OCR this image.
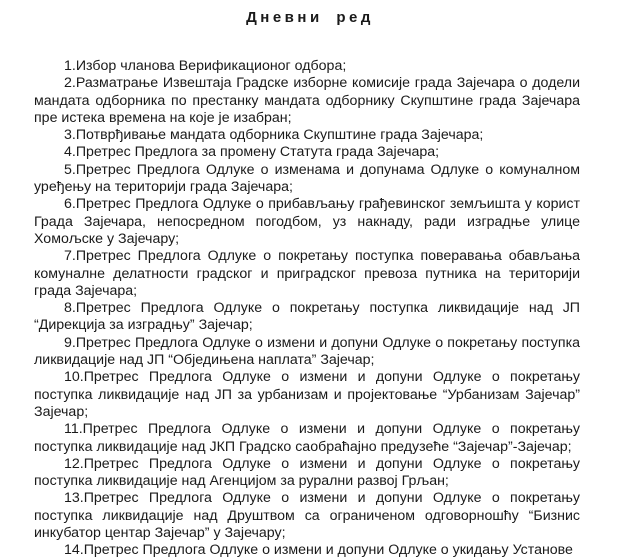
Дневни ред

1.Избор чланова Верификационог одбора;

2.Разматрање Извештаја Градске изборне комисије града Зајечара о додели мандата одборника по престанку мандата одборнику Скупштине града Зајечара пре истека времена на које је изабран;

3.Потврђивање мандата одборника Скупштине града Зајечара;

4.Претрес Предлога за промену Статута града Зајечара;

5.Претрес Предлога Одлуке о изменама и допунама Одлуке о комуналном уређењу на територији града Зајечара;

6.Претрес Предлога Одлуке о прибављању грађевинског земљишта у корист Града Зајечара, непосредном погодбом, уз накнаду, ради изградње улице Хомољске у Зајечару;

7.Претрес Предлога Одлуке о покретању поступка поверавања обављања комуналне делатности градског и приградског превоза путника на територији града Зајечара;

8.Претрес Предлога Одлуке о покретању поступка ликвидације над ЈП “Дирекција за изградњу” Зајечар;

9.Претрес Предлога Одлуке о измени и допуни Одлуке о покретању поступка ликвидације над ЈП “Обједињена наплата” Зајечар;

10.Претрес Предлога Одлуке о измени и допуни Одлуке о покретању поступка ликвидације над ЈП за урбанизам и пројектовање “Урбанизам Зајечар” Зајечар;

11.Претрес Предлога Одлуке о измени и допуни Одлуке о покретању поступка ликвидације над ЈКП Градско саобраћајно предузеће “Зајечар”-Зајечар;

12.Претрес Предлога Одлуке о измени и допуни Одлуке о покретању поступка ликвидације над Агенцијом за рурални развој Грљан;

13.Претрес Предлога Одлуке о измени и допуни Одлуке о покретању поступка ликвидације над Друштвом са ограниченом одговорношћу “Бизнис инкубатор центар Зајечар” у Зајечару;

14.Претрес Предлога Одлуке о измени и допуни Одлуке о укидању Установе
